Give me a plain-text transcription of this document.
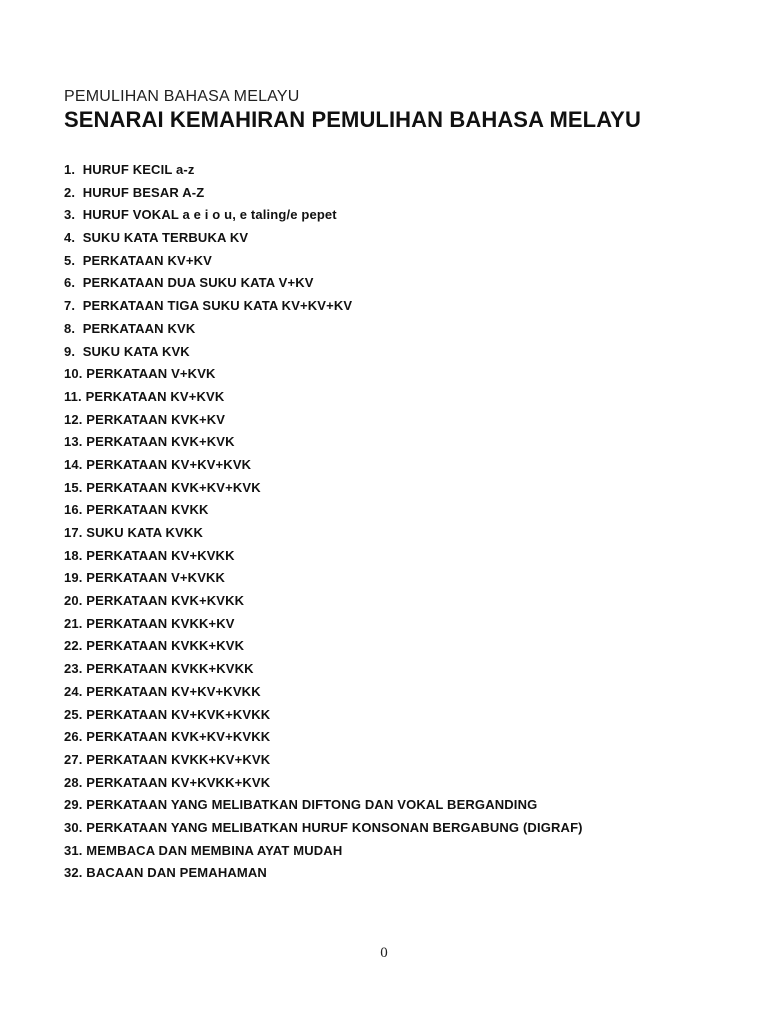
PEMULIHAN BAHASA MELAYU
SENARAI KEMAHIRAN PEMULIHAN BAHASA MELAYU
1. HURUF KECIL a-z
2. HURUF BESAR A-Z
3. HURUF VOKAL a e i o u, e taling/e pepet
4. SUKU KATA TERBUKA KV
5. PERKATAAN KV+KV
6. PERKATAAN DUA SUKU KATA V+KV
7. PERKATAAN TIGA SUKU KATA KV+KV+KV
8. PERKATAAN KVK
9. SUKU KATA KVK
10. PERKATAAN V+KVK
11. PERKATAAN KV+KVK
12. PERKATAAN KVK+KV
13. PERKATAAN KVK+KVK
14. PERKATAAN KV+KV+KVK
15. PERKATAAN KVK+KV+KVK
16. PERKATAAN KVKK
17. SUKU KATA KVKK
18. PERKATAAN KV+KVKK
19. PERKATAAN V+KVKK
20. PERKATAAN KVK+KVKK
21. PERKATAAN KVKK+KV
22. PERKATAAN KVKK+KVK
23. PERKATAAN KVKK+KVKK
24. PERKATAAN KV+KV+KVKK
25. PERKATAAN KV+KVK+KVKK
26. PERKATAAN KVK+KV+KVKK
27. PERKATAAN KVKK+KV+KVK
28. PERKATAAN KV+KVKK+KVK
29. PERKATAAN YANG MELIBATKAN DIFTONG DAN VOKAL BERGANDING
30. PERKATAAN YANG MELIBATKAN HURUF KONSONAN BERGABUNG (DIGRAF)
31. MEMBACA DAN MEMBINA AYAT MUDAH
32. BACAAN DAN PEMAHAMAN
0
